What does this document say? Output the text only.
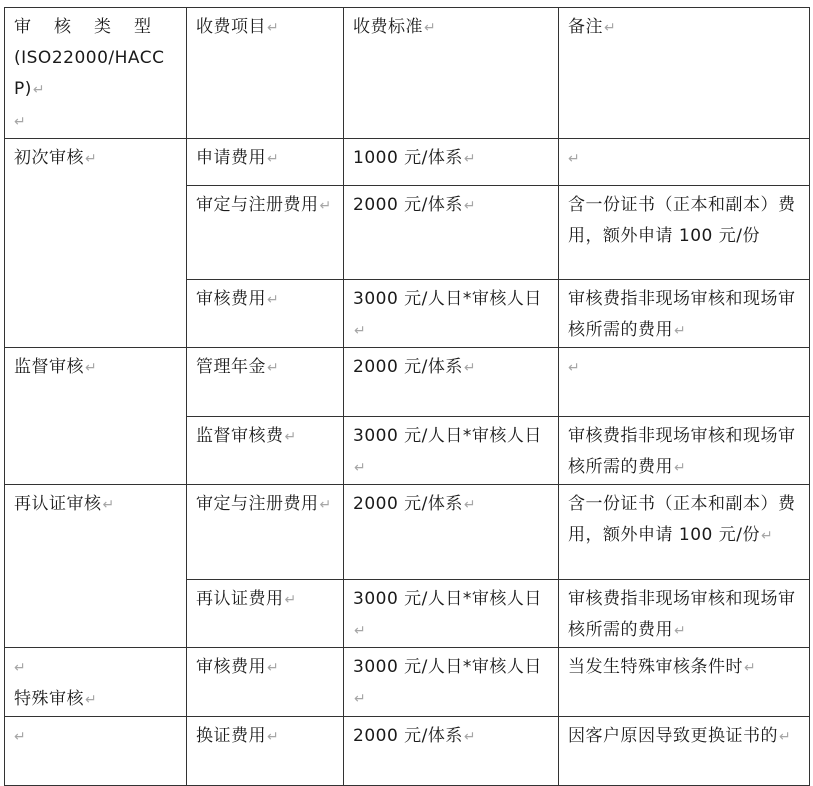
审 核 类 型
(ISO22000/HACCP)↵
↵	收费项目↵	收费标准↵	备注↵
初次审核↵	申请费用↵	1000 元/体系↵	↵
	审定与注册费用↵	2000 元/体系↵	含一份证书（正本和副本）费用，额外申请 100 元/份
	审核费用↵	3000 元/人日*审核人日↵	审核费指非现场审核和现场审核所需的费用↵
监督审核↵	管理年金↵	2000 元/体系↵	↵
	监督审核费↵	3000 元/人日*审核人日↵	审核费指非现场审核和现场审核所需的费用↵
再认证审核↵	审定与注册费用↵	2000 元/体系↵	含一份证书（正本和副本）费用，额外申请 100 元/份↵
	再认证费用↵	3000 元/人日*审核人日↵	审核费指非现场审核和现场审核所需的费用↵

↵
特殊审核↵	审核费用↵	3000 元/人日*审核人日↵	当发生特殊审核条件时↵
↵	换证费用↵	2000 元/体系↵	因客户原因导致更换证书的↵
